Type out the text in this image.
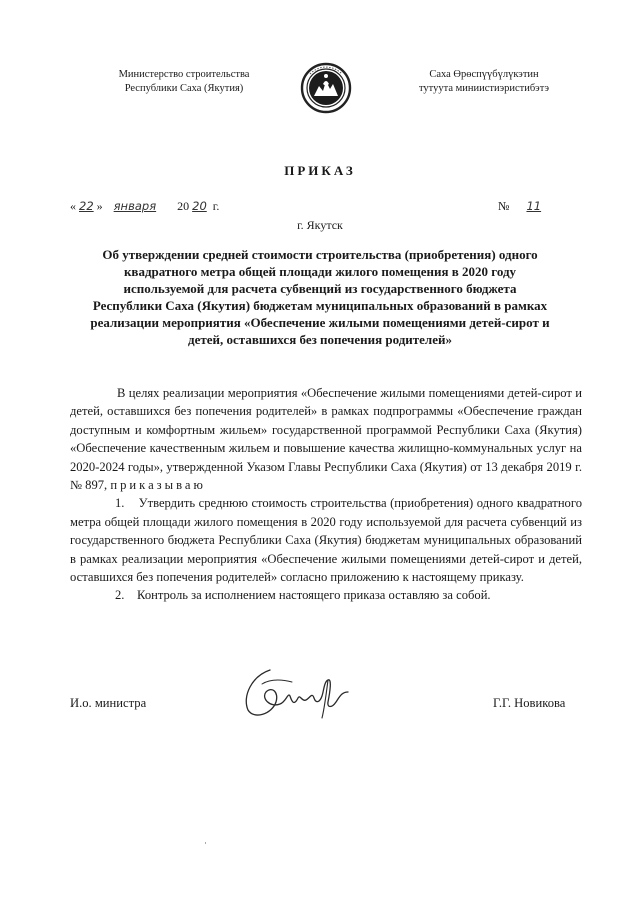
Министерство строительства
Республики Саха (Якутия)
Саха Өрөспүүбүлүкэтин
тутуута миниистиэристибэтэ
ПРИКАЗ
« 22 » января 20 20 г.	№ 11
г. Якутск
Об утверждении средней стоимости строительства (приобретения) одного
квадратного метра общей площади жилого помещения в 2020 году
используемой для расчета субвенций из государственного бюджета
Республики Саха (Якутия) бюджетам муниципальных образований в рамках
реализации мероприятия «Обеспечение жилыми помещениями детей-сирот и
детей, оставшихся без попечения родителей»

В целях реализации мероприятия «Обеспечение жилыми помещениями детей-сирот и детей, оставшихся без попечения родителей» в рамках подпрограммы «Обеспечение граждан доступным и комфортным жильем» государственной программой Республики Саха (Якутия) «Обеспечение качественным жильем и повышение качества жилищно-коммунальных услуг на 2020-2024 годы», утвержденной Указом Главы Республики Саха (Якутия) от 13 декабря 2019 г. № 897, приказываю

1. Утвердить среднюю стоимость строительства (приобретения) одного квадратного метра общей площади жилого помещения в 2020 году используемой для расчета субвенций из государственного бюджета Республики Саха (Якутия) бюджетам муниципальных образований в рамках реализации мероприятия «Обеспечение жилыми помещениями детей-сирот и детей, оставшихся без попечения родителей» согласно приложению к настоящему приказу.

2. Контроль за исполнением настоящего приказа оставляю за собой.

И.о. министра	Г.Г. Новикова
